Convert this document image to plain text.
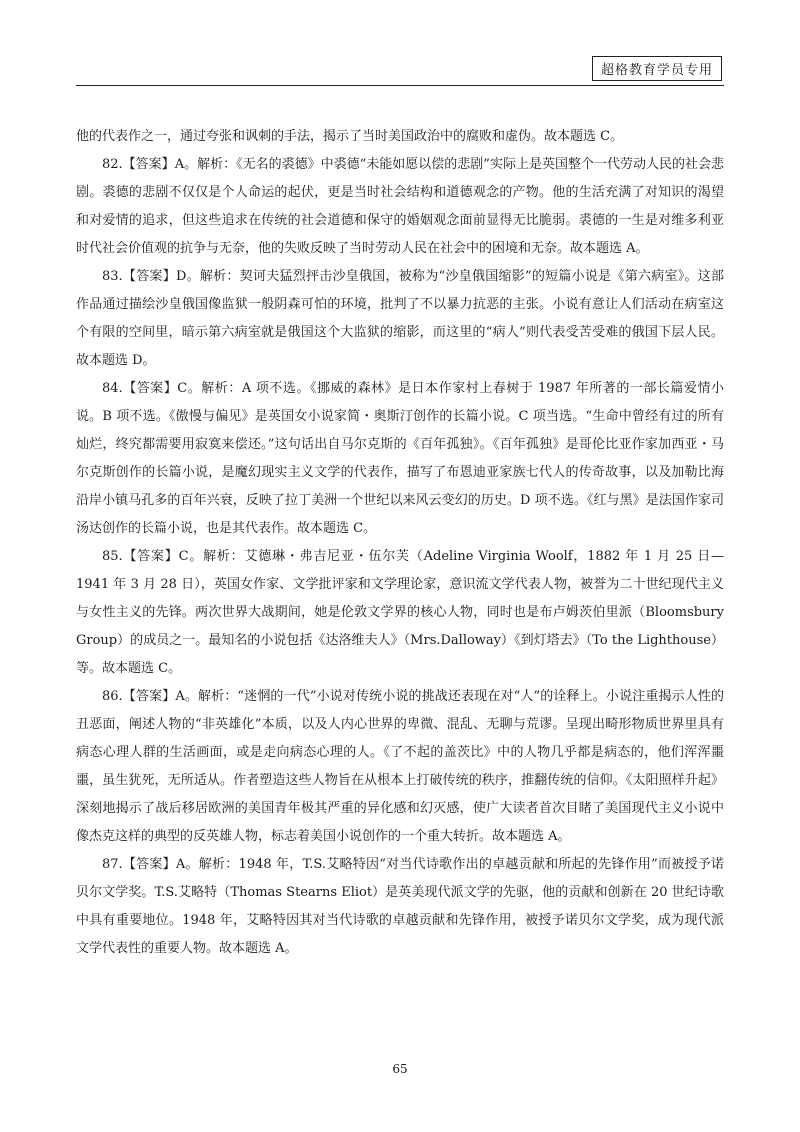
超格教育学员专用

他的代表作之一，通过夸张和讽刺的手法，揭示了当时美国政治中的腐败和虚伪。故本题选 C。

82.【答案】A。解析：《无名的裘德》中裘德“未能如愿以偿的悲剧”实际上是英国整个一代劳动人民的社会悲剧。裘德的悲剧不仅仅是个人命运的起伏，更是当时社会结构和道德观念的产物。他的生活充满了对知识的渴望和对爱情的追求，但这些追求在传统的社会道德和保守的婚姻观念面前显得无比脆弱。裘德的一生是对维多利亚时代社会价值观的抗争与无奈，他的失败反映了当时劳动人民在社会中的困境和无奈。故本题选 A。

83.【答案】D。解析：契诃夫猛烈抨击沙皇俄国，被称为“沙皇俄国缩影”的短篇小说是《第六病室》。这部作品通过描绘沙皇俄国像监狱一般阴森可怕的环境，批判了不以暴力抗恶的主张。小说有意让人们活动在病室这个有限的空间里，暗示第六病室就是俄国这个大监狱的缩影，而这里的“病人”则代表受苦受难的俄国下层人民。故本题选 D。

84.【答案】C。解析：A 项不选。《挪威的森林》是日本作家村上春树于 1987 年所著的一部长篇爱情小说。B 项不选。《傲慢与偏见》是英国女小说家简・奥斯汀创作的长篇小说。C 项当选。“生命中曾经有过的所有灿烂，终究都需要用寂寞来偿还。”这句话出自马尔克斯的《百年孤独》。《百年孤独》是哥伦比亚作家加西亚・马尔克斯创作的长篇小说，是魔幻现实主义文学的代表作，描写了布恩迪亚家族七代人的传奇故事，以及加勒比海沿岸小镇马孔多的百年兴衰，反映了拉丁美洲一个世纪以来风云变幻的历史。D 项不选。《红与黑》是法国作家司汤达创作的长篇小说，也是其代表作。故本题选 C。

85.【答案】C。解析：艾德琳・弗吉尼亚・伍尔芙（Adeline Virginia Woolf，1882 年 1 月 25 日—1941 年 3 月 28 日），英国女作家、文学批评家和文学理论家，意识流文学代表人物，被誉为二十世纪现代主义与女性主义的先锋。两次世界大战期间，她是伦敦文学界的核心人物，同时也是布卢姆茨伯里派（Bloomsbury Group）的成员之一。最知名的小说包括《达洛维夫人》（Mrs.Dalloway）《到灯塔去》（To the Lighthouse）等。故本题选 C。

86.【答案】A。解析：“迷惘的一代”小说对传统小说的挑战还表现在对“人”的诠释上。小说注重揭示人性的丑恶面，阐述人物的“非英雄化”本质，以及人内心世界的卑微、混乱、无聊与荒谬。呈现出畸形物质世界里具有病态心理人群的生活画面，或是走向病态心理的人。《了不起的盖茨比》中的人物几乎都是病态的，他们浑浑噩噩，虽生犹死，无所适从。作者塑造这些人物旨在从根本上打破传统的秩序，推翻传统的信仰。《太阳照样升起》深刻地揭示了战后移居欧洲的美国青年极其严重的异化感和幻灭感，使广大读者首次目睹了美国现代主义小说中像杰克这样的典型的反英雄人物，标志着美国小说创作的一个重大转折。故本题选 A。

87.【答案】A。解析：1948 年，T.S.艾略特因“对当代诗歌作出的卓越贡献和所起的先锋作用”而被授予诺贝尔文学奖。T.S.艾略特（Thomas Stearns Eliot）是英美现代派文学的先驱，他的贡献和创新在 20 世纪诗歌中具有重要地位。1948 年，艾略特因其对当代诗歌的卓越贡献和先锋作用，被授予诺贝尔文学奖，成为现代派文学代表性的重要人物。故本题选 A。

65
